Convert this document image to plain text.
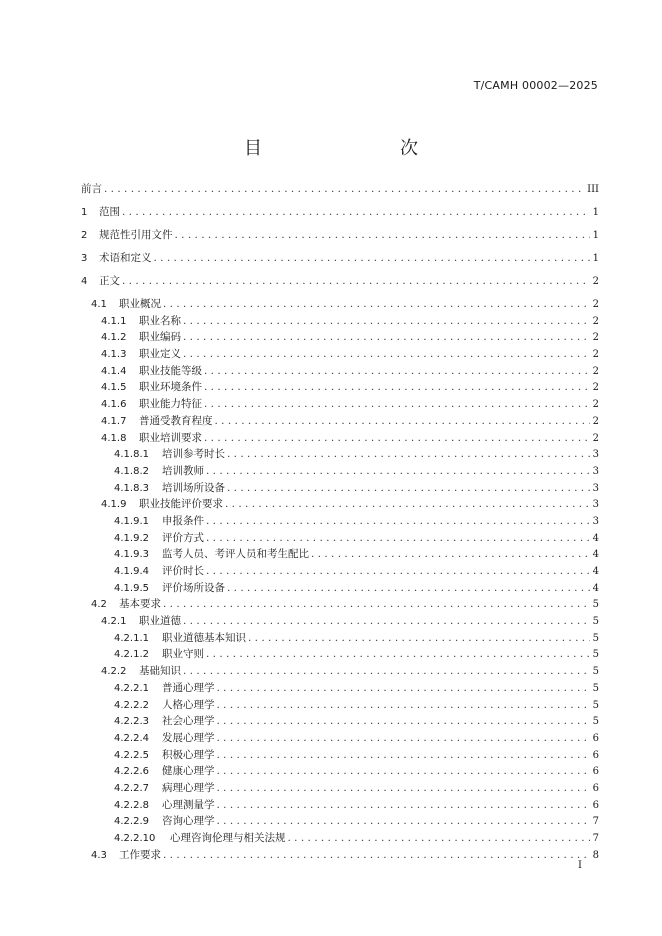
T/CAMH 00002—2025
目　　次
前言 . . .	III
1	范围 . . .	1
2	规范性引用文件 . . .	1
3	术语和定义 . . .	1
4	正文 . . .	2
4.1	职业概况 . . .	2
4.1.1	职业名称 . . .	2
4.1.2	职业编码 . . .	2
4.1.3	职业定义 . . .	2
4.1.4	职业技能等级 . . .	2
4.1.5	职业环境条件 . . .	2
4.1.6	职业能力特征 . . .	2
4.1.7	普通受教育程度 . . .	2
4.1.8	职业培训要求 . . .	2
4.1.8.1	培训参考时长 . . .	3
4.1.8.2	培训教师 . . .	3
4.1.8.3	培训场所设备 . . .	3
4.1.9	职业技能评价要求 . . .	3
4.1.9.1	申报条件 . . .	3
4.1.9.2	评价方式 . . .	4
4.1.9.3	监考人员、考评人员和考生配比 . . .	4
4.1.9.4	评价时长 . . .	4
4.1.9.5	评价场所设备 . . .	4
4.2	基本要求 . . .	5
4.2.1	职业道德 . . .	5
4.2.1.1	职业道德基本知识 . . .	5
4.2.1.2	职业守则 . . .	5
4.2.2	基础知识 . . .	5
4.2.2.1	普通心理学 . . .	5
4.2.2.2	人格心理学 . . .	5
4.2.2.3	社会心理学 . . .	5
4.2.2.4	发展心理学 . . .	6
4.2.2.5	积极心理学 . . .	6
4.2.2.6	健康心理学 . . .	6
4.2.2.7	病理心理学 . . .	6
4.2.2.8	心理测量学 . . .	6
4.2.2.9	咨询心理学 . . .	7
4.2.2.10	心理咨询伦理与相关法规 . . .	7
4.3	工作要求 . . .	8
I
